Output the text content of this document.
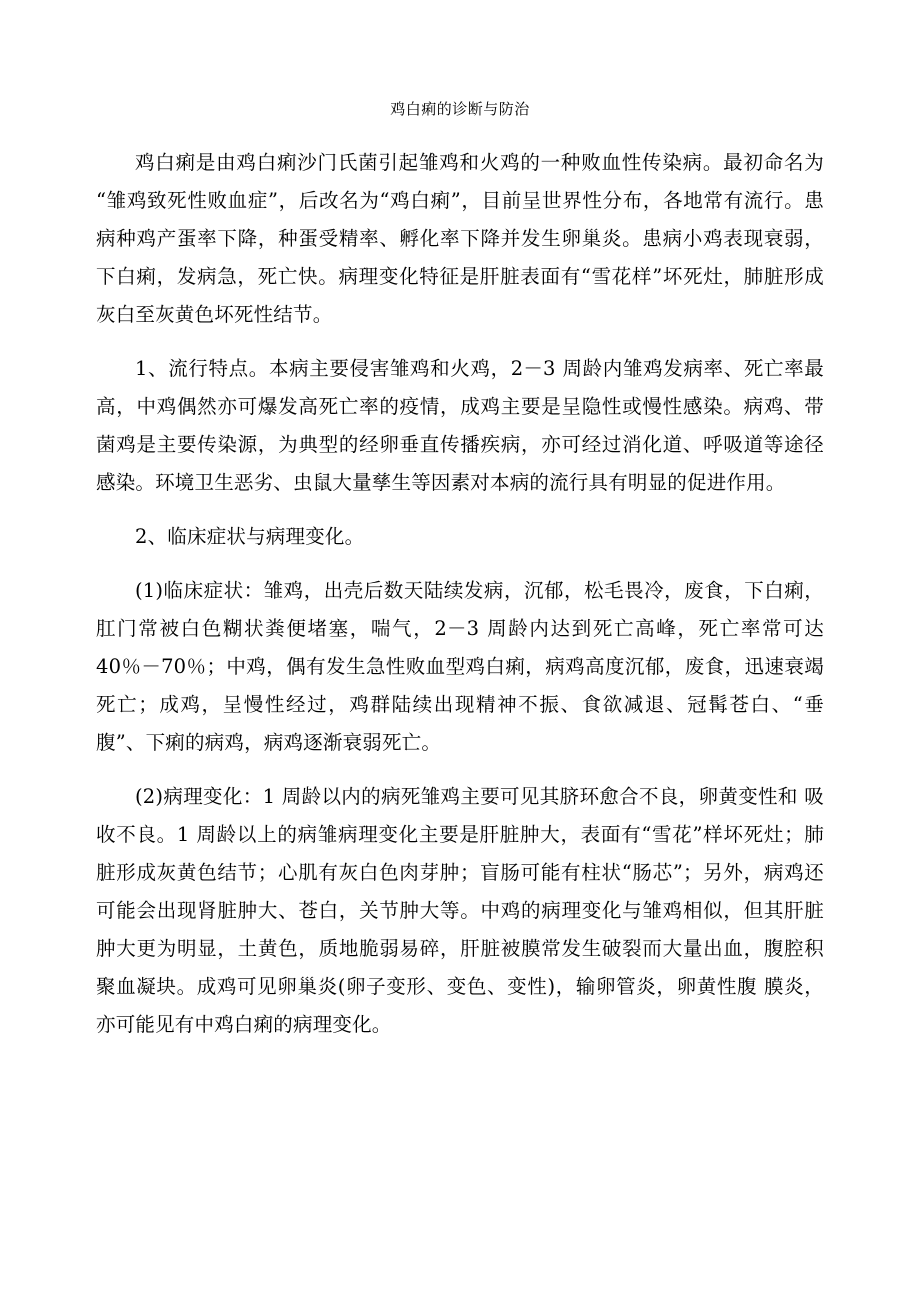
鸡白痢的诊断与防治

鸡白痢是由鸡白痢沙门氏菌引起雏鸡和火鸡的一种败血性传染病。最初命名为“雏鸡致死性败血症”，后改名为“鸡白痢”，目前呈世界性分布，各地常有流行。患病种鸡产蛋率下降，种蛋受精率、孵化率下降并发生卵巢炎。患病小鸡表现衰弱，下白痢，发病急，死亡快。病理变化特征是肝脏表面有“雪花样”坏死灶，肺脏形成灰白至灰黄色坏死性结节。

1、流行特点。本病主要侵害雏鸡和火鸡，2－3 周龄内雏鸡发病率、死亡率最高，中鸡偶然亦可爆发高死亡率的疫情，成鸡主要是呈隐性或慢性感染。病鸡、带菌鸡是主要传染源，为典型的经卵垂直传播疾病，亦可经过消化道、呼吸道等途径感染。环境卫生恶劣、虫鼠大量孳生等因素对本病的流行具有明显的促进作用。

2、临床症状与病理变化。

(1)临床症状：雏鸡，出壳后数天陆续发病，沉郁，松毛畏冷，废食，下白痢，肛门常被白色糊状粪便堵塞，喘气，2－3 周龄内达到死亡高峰，死亡率常可达 40％－70％；中鸡，偶有发生急性败血型鸡白痢，病鸡高度沉郁，废食，迅速衰竭死亡；成鸡，呈慢性经过，鸡群陆续出现精神不振、食欲减退、冠髯苍白、“垂腹”、下痢的病鸡，病鸡逐渐衰弱死亡。

(2)病理变化：1 周龄以内的病死雏鸡主要可见其脐环愈合不良，卵黄变性和 吸收不良。1 周龄以上的病雏病理变化主要是肝脏肿大，表面有“雪花”样坏死灶；肺脏形成灰黄色结节；心肌有灰白色肉芽肿；盲肠可能有柱状“肠芯”；另外，病鸡还可能会出现肾脏肿大、苍白，关节肿大等。中鸡的病理变化与雏鸡相似，但其肝脏肿大更为明显，土黄色，质地脆弱易碎，肝脏被膜常发生破裂而大量出血，腹腔积聚血凝块。成鸡可见卵巢炎(卵子变形、变色、变性)，输卵管炎，卵黄性腹 膜炎，亦可能见有中鸡白痢的病理变化。
